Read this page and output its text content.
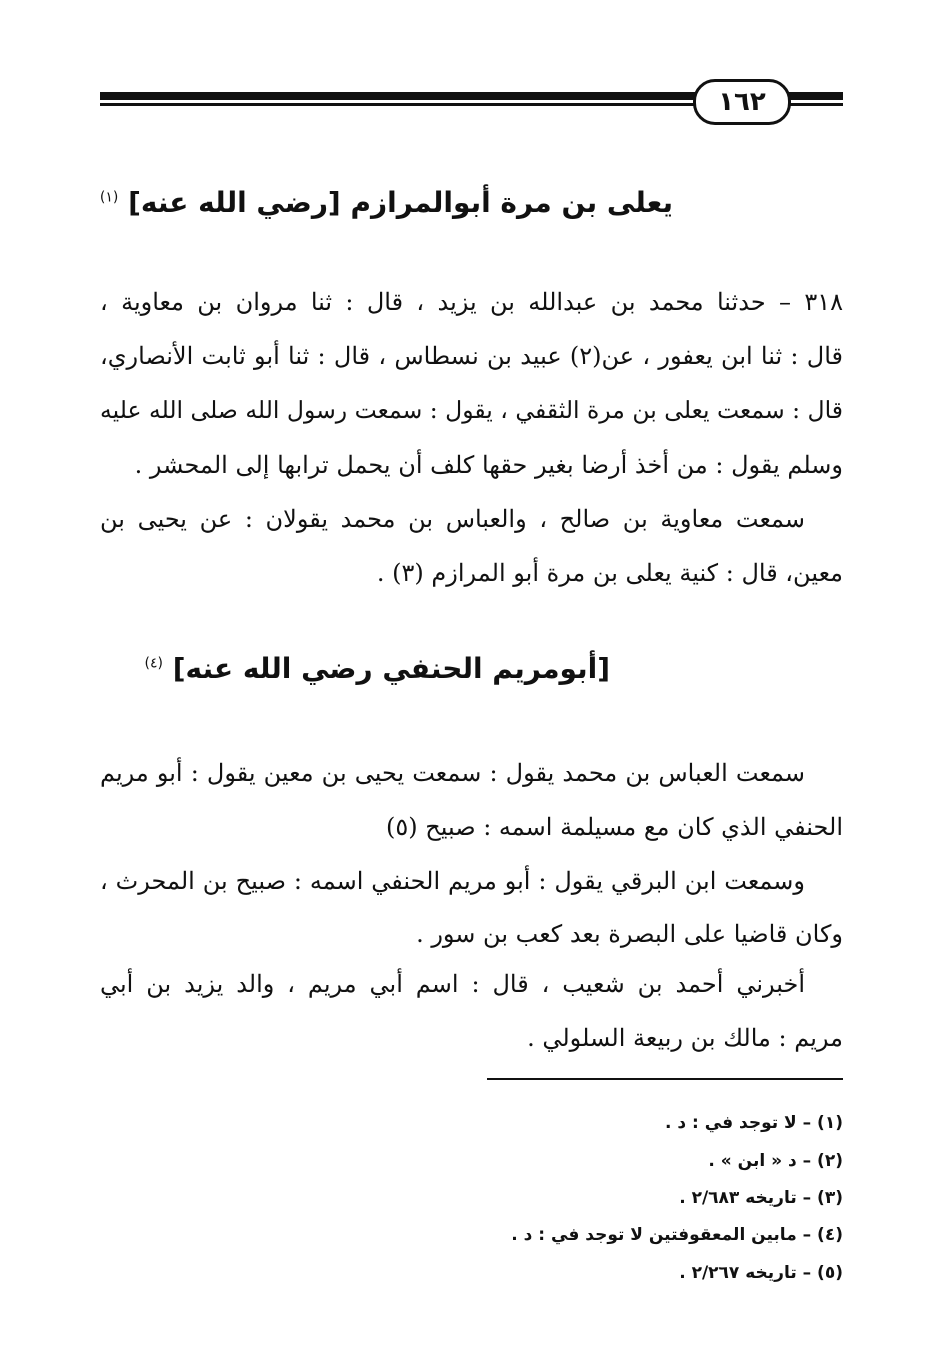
١٦٢
يعلى بن مرة أبوالمرازم [رضي الله عنه] $^{(١)}$
٣١٨ – حدثنا محمد بن عبدالله بن يزيد ، قال : ثنا مروان بن معاوية ،
قال : ثنا ابن يعفور ، عن(٢) عبيد بن نسطاس ، قال : ثنا أبو ثابت الأنصاري،
قال : سمعت يعلى بن مرة الثقفي ، يقول : سمعت رسول الله صلى الله عليه
وسلم يقول : من أخذ أرضا بغير حقها كلف أن يحمل ترابها إلى المحشر .
سمعت معاوية بن صالح ، والعباس بن محمد يقولان : عن يحيى بن
معين، قال : كنية يعلى بن مرة أبو المرازم (٣) .
[أبومريم الحنفي رضي الله عنه] $^{(٤)}$
سمعت العباس بن محمد يقول : سمعت يحيى بن معين يقول : أبو مريم
الحنفي الذي كان مع مسيلمة اسمه : صبيح (٥)
وسمعت ابن البرقي يقول : أبو مريم الحنفي اسمه : صبيح بن المحرث ،
وكان قاضيا على البصرة بعد كعب بن سور .
أخبرني أحمد بن شعيب ، قال : اسم أبي مريم ، والد يزيد بن أبي
مريم : مالك بن ربيعة السلولي .
(١) – لا توجد في : د .
(٢) – د « ابن » .
(٣) – تاريخه ٢/٦٨٣ .
(٤) – مابين المعقوفتين لا توجد في : د .
(٥) – تاريخه ٢/٢٦٧ .
